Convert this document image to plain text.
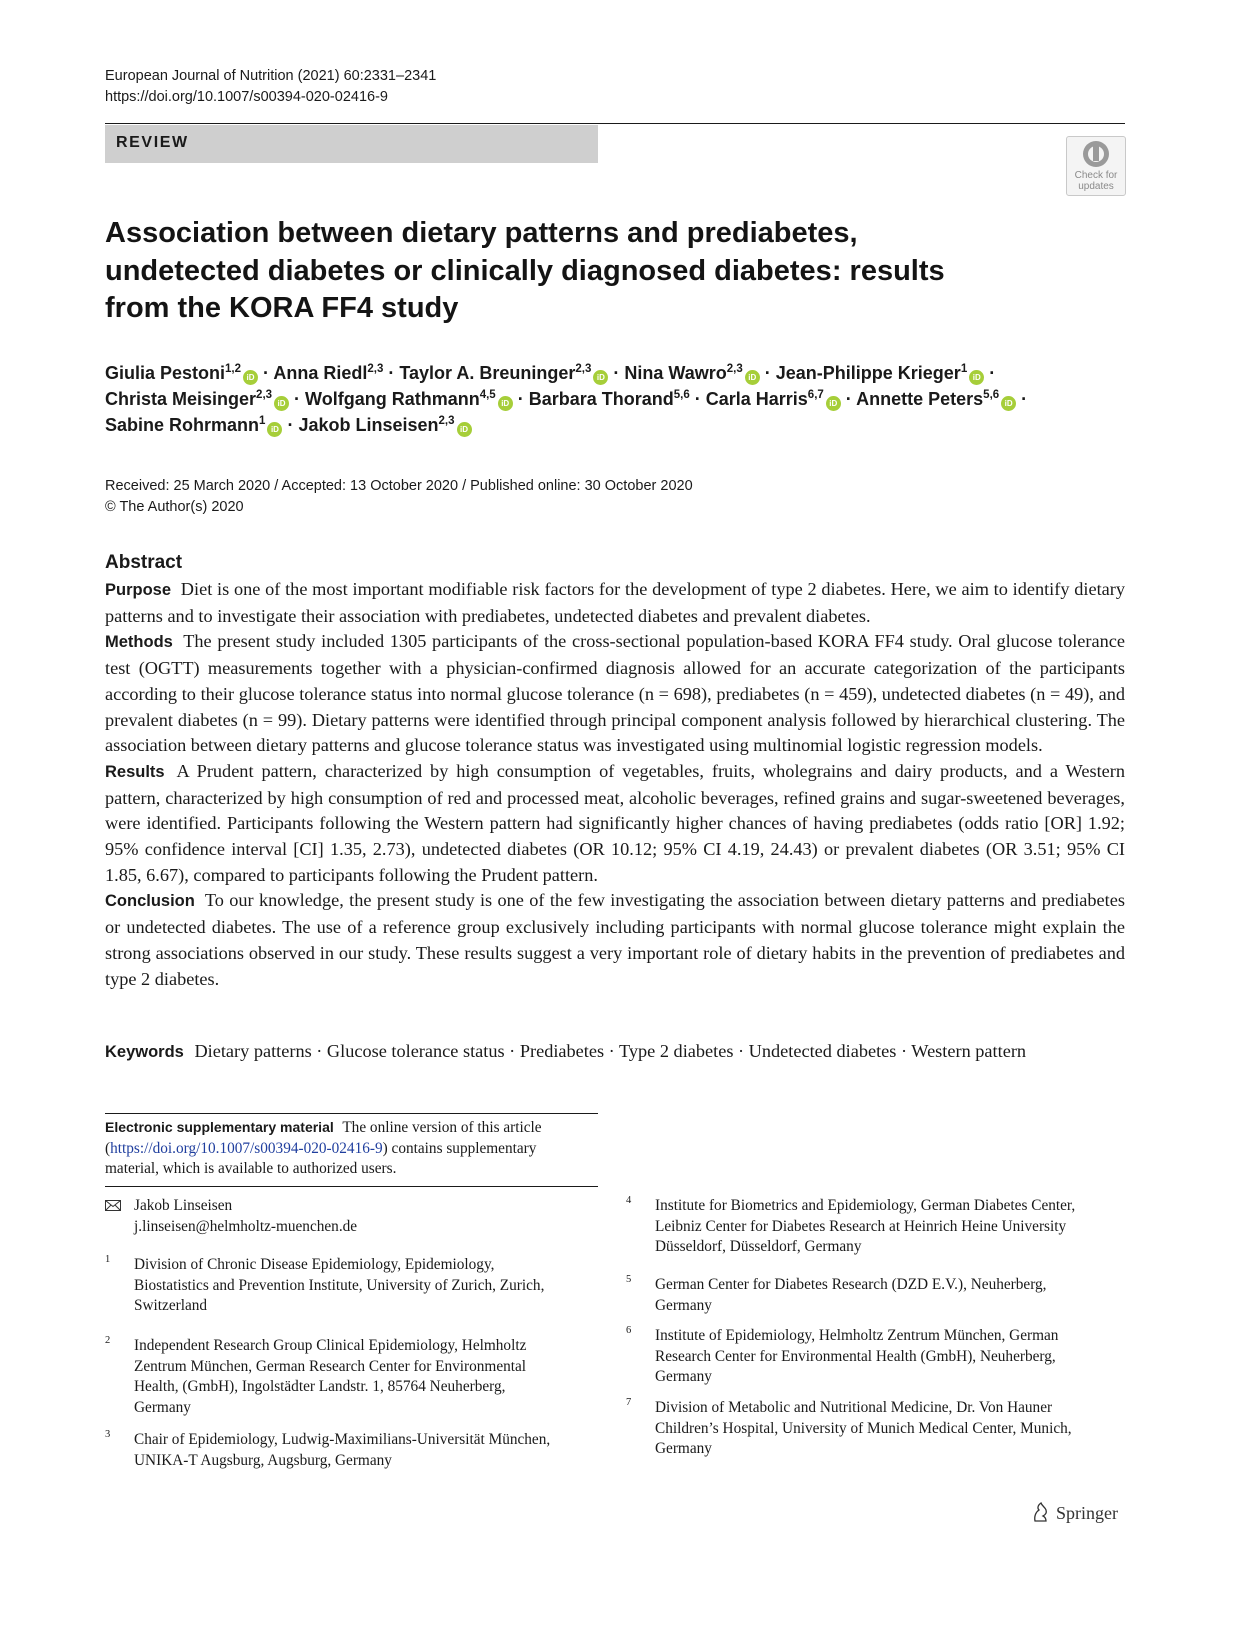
European Journal of Nutrition (2021) 60:2331–2341
https://doi.org/10.1007/s00394-020-02416-9
REVIEW
Check for
updates
Association between dietary patterns and prediabetes, undetected diabetes or clinically diagnosed diabetes: results from the KORA FF4 study
Giulia Pestoni$^{1,2}$iD · Anna Riedl$^{2,3}$ · Taylor A. Breuninger$^{2,3}$iD · Nina Wawro$^{2,3}$iD · Jean-Philippe Krieger$^1$iD ·
Christa Meisinger$^{2,3}$iD · Wolfgang Rathmann$^{4,5}$iD · Barbara Thorand$^{5,6}$ · Carla Harris$^{6,7}$iD · Annette Peters$^{5,6}$iD ·
Sabine Rohrmann$^1$iD · Jakob Linseisen$^{2,3}$iD
Received: 25 March 2020 / Accepted: 13 October 2020 / Published online: 30 October 2020
© The Author(s) 2020
Abstract

Purpose Diet is one of the most important modifiable risk factors for the development of type 2 diabetes. Here, we aim to identify dietary patterns and to investigate their association with prediabetes, undetected diabetes and prevalent diabetes.

Methods The present study included 1305 participants of the cross-sectional population-based KORA FF4 study. Oral glucose tolerance test (OGTT) measurements together with a physician-confirmed diagnosis allowed for an accurate categorization of the participants according to their glucose tolerance status into normal glucose tolerance (n = 698), prediabetes (n = 459), undetected diabetes (n = 49), and prevalent diabetes (n = 99). Dietary patterns were identified through principal component analysis followed by hierarchical clustering. The association between dietary patterns and glucose tolerance status was investigated using multinomial logistic regression models.

Results A Prudent pattern, characterized by high consumption of vegetables, fruits, wholegrains and dairy products, and a Western pattern, characterized by high consumption of red and processed meat, alcoholic beverages, refined grains and sugar-sweetened beverages, were identified. Participants following the Western pattern had significantly higher chances of having prediabetes (odds ratio [OR] 1.92; 95% confidence interval [CI] 1.35, 2.73), undetected diabetes (OR 10.12; 95% CI 4.19, 24.43) or prevalent diabetes (OR 3.51; 95% CI 1.85, 6.67), compared to participants following the Prudent pattern.

Conclusion To our knowledge, the present study is one of the few investigating the association between dietary patterns and prediabetes or undetected diabetes. The use of a reference group exclusively including participants with normal glucose tolerance might explain the strong associations observed in our study. These results suggest a very important role of dietary habits in the prevention of prediabetes and type 2 diabetes.

Keywords Dietary patterns · Glucose tolerance status · Prediabetes · Type 2 diabetes · Undetected diabetes · Western pattern
Electronic supplementary material The online version of this article (https://doi.org/10.1007/s00394-020-02416-9) contains supplementary material, which is available to authorized users.
Jakob Linseisen
j.linseisen@helmholtz-muenchen.de
1 Division of Chronic Disease Epidemiology, Epidemiology, Biostatistics and Prevention Institute, University of Zurich, Zurich, Switzerland
2 Independent Research Group Clinical Epidemiology, Helmholtz Zentrum München, German Research Center for Environmental Health, (GmbH), Ingolstädter Landstr. 1, 85764 Neuherberg, Germany
3 Chair of Epidemiology, Ludwig-Maximilians-Universität München, UNIKA-T Augsburg, Augsburg, Germany
4 Institute for Biometrics and Epidemiology, German Diabetes Center, Leibniz Center for Diabetes Research at Heinrich Heine University Düsseldorf, Düsseldorf, Germany
5 German Center for Diabetes Research (DZD E.V.), Neuherberg, Germany
6 Institute of Epidemiology, Helmholtz Zentrum München, German Research Center for Environmental Health (GmbH), Neuherberg, Germany
7 Division of Metabolic and Nutritional Medicine, Dr. Von Hauner Children’s Hospital, University of Munich Medical Center, Munich, Germany
Springer
